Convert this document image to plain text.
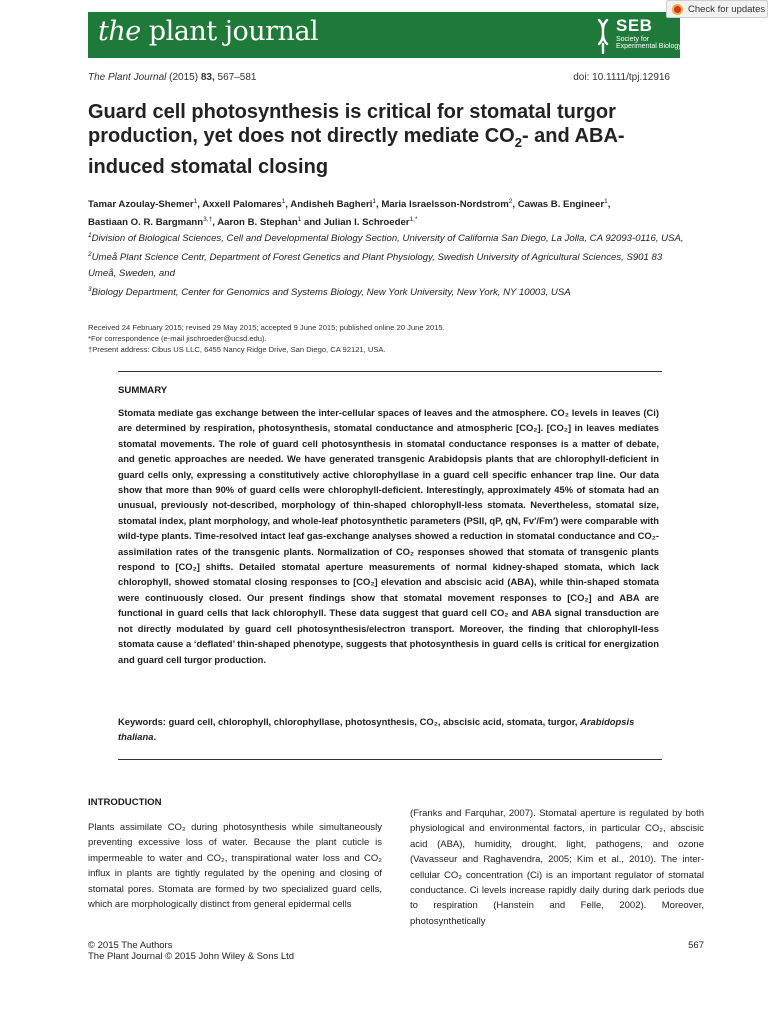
the plant journal	SEB
Society for
Experimental Biology
Check for updates
The Plant Journal (2015) 83, 567–581	doi: 10.1111/tpj.12916
Guard cell photosynthesis is critical for stomatal turgor production, yet does not directly mediate $CO_2-$ and ABA-induced stomatal closing
Tamar Azoulay-Shemer$^1$, Axxell Palomares$^1$, Andisheh Bagheri$^1$, Maria Israelsson-Nordstrom$^2$, Cawas B. Engineer$^1$,
Bastiaan O. R. Bargmann$^{3,\dagger}$, Aaron B. Stephan$^1$ and Julian I. Schroeder$^{1,*}$
$^1$Division of Biological Sciences, Cell and Developmental Biology Section, University of California San Diego, La Jolla, CA 92093-0116, USA,
$^2$Umeå Plant Science Centr, Department of Forest Genetics and Plant Physiology, Swedish University of Agricultural Sciences, S901 83 Umeå, Sweden, and
$^3$Biology Department, Center for Genomics and Systems Biology, New York University, New York, NY 10003, USA
Received 24 February 2015; revised 29 May 2015; accepted 9 June 2015; published online 20 June 2015.
*For correspondence (e-mail jischroeder@ucsd.edu).
†Present address: Cibus US LLC, 6455 Nancy Ridge Drive, San Diego, CA 92121, USA.
SUMMARY
Stomata mediate gas exchange between the inter-cellular spaces of leaves and the atmosphere. CO₂ levels in leaves (Ci) are determined by respiration, photosynthesis, stomatal conductance and atmospheric [CO₂]. [CO₂] in leaves mediates stomatal movements. The role of guard cell photosynthesis in stomatal conductance responses is a matter of debate, and genetic approaches are needed. We have generated transgenic Arabidopsis plants that are chlorophyll-deficient in guard cells only, expressing a constitutively active chlorophyllase in a guard cell specific enhancer trap line. Our data show that more than 90% of guard cells were chlorophyll-deficient. Interestingly, approximately 45% of stomata had an unusual, previously not-described, morphology of thin-shaped chlorophyll-less stomata. Nevertheless, stomatal size, stomatal index, plant morphology, and whole-leaf photosynthetic parameters (PSII, qP, qN, Fv′/Fm′) were comparable with wild-type plants. Time-resolved intact leaf gas-exchange analyses showed a reduction in stomatal conductance and CO₂-assimilation rates of the transgenic plants. Normalization of CO₂ responses showed that stomata of transgenic plants respond to [CO₂] shifts. Detailed stomatal aperture measurements of normal kidney-shaped stomata, which lack chlorophyll, showed stomatal closing responses to [CO₂] elevation and abscisic acid (ABA), while thin-shaped stomata were continuously closed. Our present findings show that stomatal movement responses to [CO₂] and ABA are functional in guard cells that lack chlorophyll. These data suggest that guard cell CO₂ and ABA signal transduction are not directly modulated by guard cell photosynthesis/electron transport. Moreover, the finding that chlorophyll-less stomata cause a ‘deflated’ thin-shaped phenotype, suggests that photosynthesis in guard cells is critical for energization and guard cell turgor production.
Keywords: guard cell, chlorophyll, chlorophyllase, photosynthesis, CO₂, abscisic acid, stomata, turgor, Arabidopsis thaliana.
INTRODUCTION
Plants assimilate CO₂ during photosynthesis while simultaneously preventing excessive loss of water. Because the plant cuticle is impermeable to water and CO₂, transpirational water loss and CO₂ influx in plants are tightly regulated by the opening and closing of stomatal pores. Stomata are formed by two specialized guard cells, which are morphologically distinct from general epidermal cells
(Franks and Farquhar, 2007). Stomatal aperture is regulated by both physiological and environmental factors, in particular CO₂, abscisic acid (ABA), humidity, drought, light, pathogens, and ozone (Vavasseur and Raghavendra, 2005; Kim et al., 2010). The inter-cellular CO₂ concentration (Ci) is an important regulator of stomatal conductance. Ci levels increase rapidly daily during dark periods due to respiration (Hanstein and Felle, 2002). Moreover, photosynthetically
© 2015 The Authors
The Plant Journal © 2015 John Wiley & Sons Ltd
567
